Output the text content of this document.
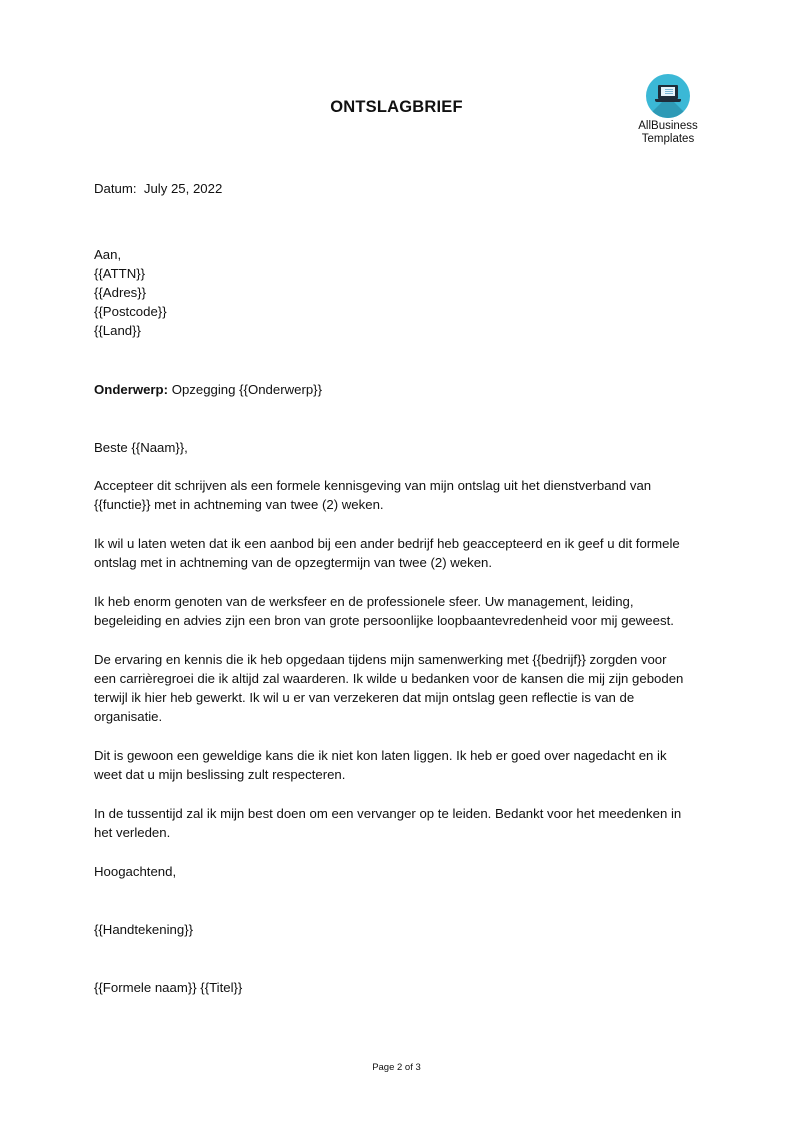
ONTSLAGBRIEF
AllBusiness
Templates
Datum: July 25, 2022
Aan,
{{ATTN}}
{{Adres}}
{{Postcode}}
{{Land}}
Onderwerp: Opzegging {{Onderwerp}}
Beste {{Naam}},
Accepteer dit schrijven als een formele kennisgeving van mijn ontslag uit het dienstverband van
{{functie}} met in achtneming van twee (2) weken.
Ik wil u laten weten dat ik een aanbod bij een ander bedrijf heb geaccepteerd en ik geef u dit formele
ontslag met in achtneming van de opzegtermijn van twee (2) weken.
Ik heb enorm genoten van de werksfeer en de professionele sfeer. Uw management, leiding,
begeleiding en advies zijn een bron van grote persoonlijke loopbaantevredenheid voor mij geweest.
De ervaring en kennis die ik heb opgedaan tijdens mijn samenwerking met {{bedrijf}} zorgden voor
een carrièregroei die ik altijd zal waarderen. Ik wilde u bedanken voor de kansen die mij zijn geboden
terwijl ik hier heb gewerkt. Ik wil u er van verzekeren dat mijn ontslag geen reflectie is van de
organisatie.
Dit is gewoon een geweldige kans die ik niet kon laten liggen. Ik heb er goed over nagedacht en ik
weet dat u mijn beslissing zult respecteren.
In de tussentijd zal ik mijn best doen om een vervanger op te leiden. Bedankt voor het meedenken in
het verleden.
Hoogachtend,
{{Handtekening}}
{{Formele naam}} {{Titel}}
Page 2 of 3
